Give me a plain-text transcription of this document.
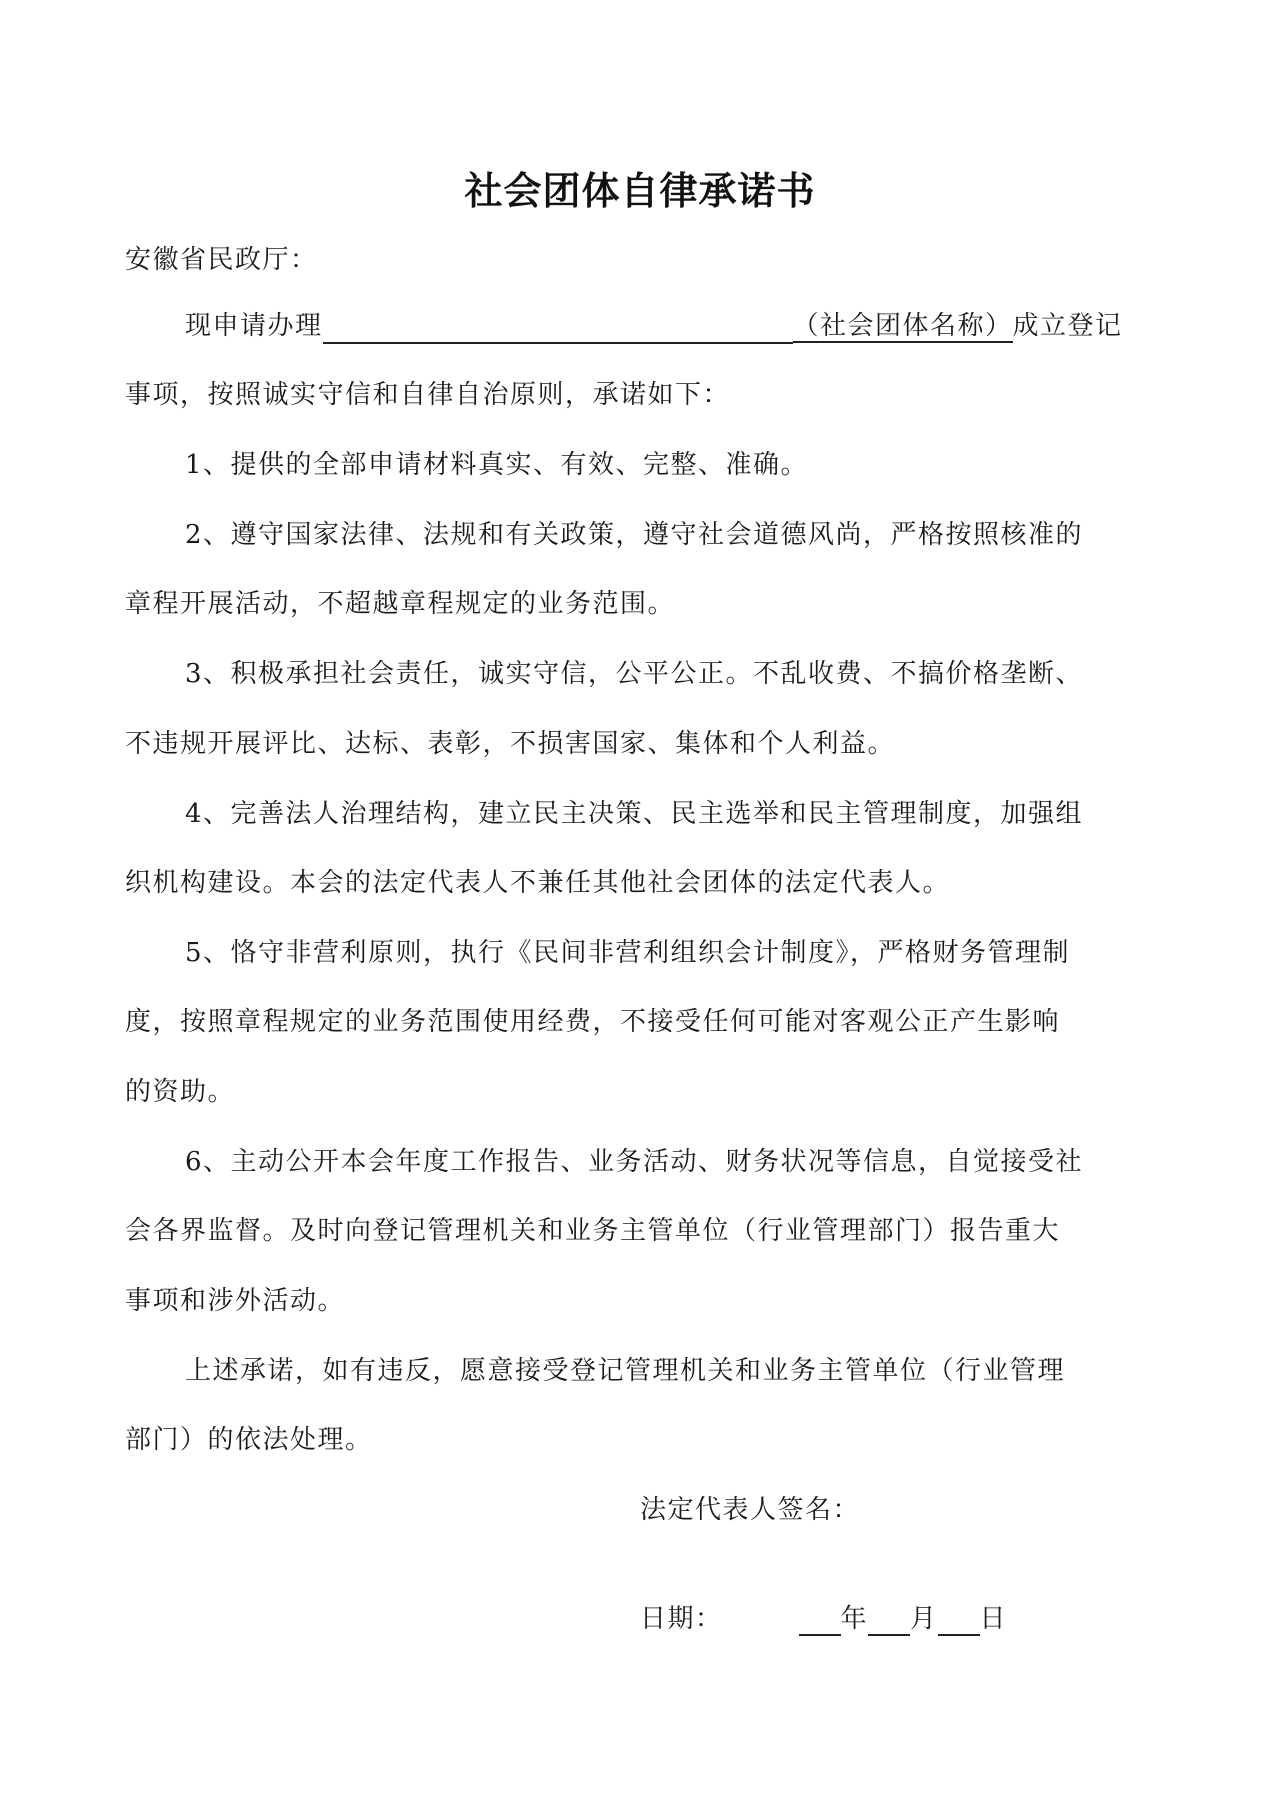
社会团体自律承诺书
安徽省民政厅：
现申请办理	（社会团体名称）成立登记
事项，按照诚实守信和自律自治原则，承诺如下：
1、提供的全部申请材料真实、有效、完整、准确。
2、遵守国家法律、法规和有关政策，遵守社会道德风尚，严格按照核准的
章程开展活动，不超越章程规定的业务范围。
3、积极承担社会责任，诚实守信，公平公正。不乱收费、不搞价格垄断、
不违规开展评比、达标、表彰，不损害国家、集体和个人利益。
4、完善法人治理结构，建立民主决策、民主选举和民主管理制度，加强组
织机构建设。本会的法定代表人不兼任其他社会团体的法定代表人。
5、恪守非营利原则，执行《民间非营利组织会计制度》，严格财务管理制
度，按照章程规定的业务范围使用经费，不接受任何可能对客观公正产生影响
的资助。
6、主动公开本会年度工作报告、业务活动、财务状况等信息，自觉接受社
会各界监督。及时向登记管理机关和业务主管单位（行业管理部门）报告重大
事项和涉外活动。
上述承诺，如有违反，愿意接受登记管理机关和业务主管单位（行业管理
部门）的依法处理。
法定代表人签名：
日期：	年 月 日
